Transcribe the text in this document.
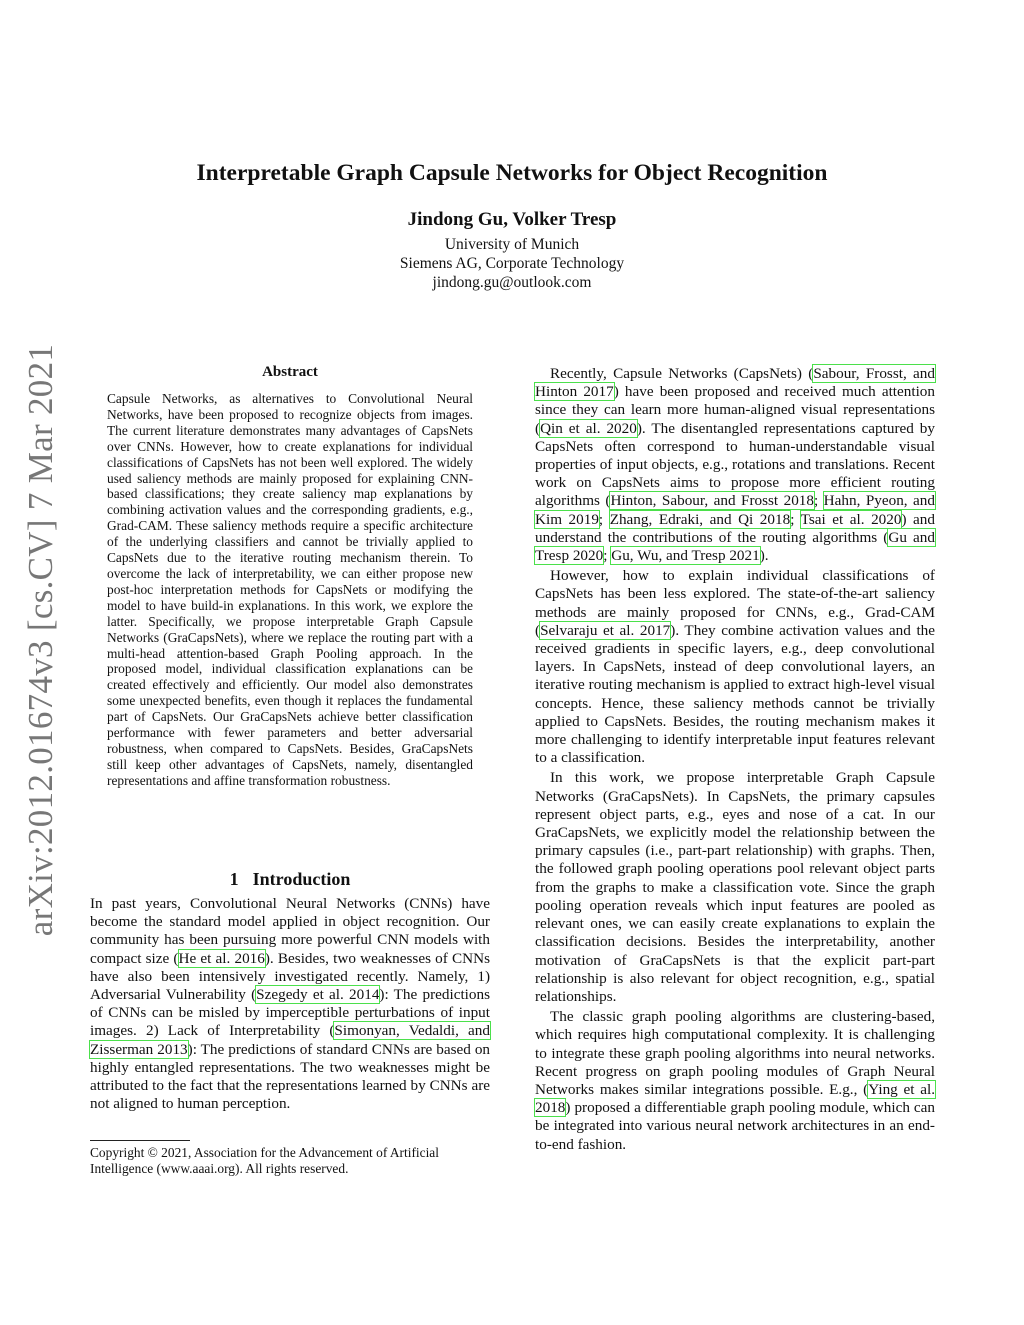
arXiv:2012.01674v3 [cs.CV] 7 Mar 2021
Interpretable Graph Capsule Networks for Object Recognition
Jindong Gu, Volker Tresp
University of Munich
Siemens AG, Corporate Technology
jindong.gu@outlook.com
Abstract
Capsule Networks, as alternatives to Convolutional Neural Networks, have been proposed to recognize objects from images. The current literature demonstrates many advantages of CapsNets over CNNs. However, how to create explanations for individual classifications of CapsNets has not been well explored. The widely used saliency methods are mainly proposed for explaining CNN-based classifications; they create saliency map explanations by combining activation values and the corresponding gradients, e.g., Grad-CAM. These saliency methods require a specific architecture of the underlying classifiers and cannot be trivially applied to CapsNets due to the iterative routing mechanism therein. To overcome the lack of interpretability, we can either propose new post-hoc interpretation methods for CapsNets or modifying the model to have build-in explanations. In this work, we explore the latter. Specifically, we propose interpretable Graph Capsule Networks (GraCapsNets), where we replace the routing part with a multi-head attention-based Graph Pooling approach. In the proposed model, individual classification explanations can be created effectively and efficiently. Our model also demonstrates some unexpected benefits, even though it replaces the fundamental part of CapsNets. Our GraCapsNets achieve better classification performance with fewer parameters and better adversarial robustness, when compared to CapsNets. Besides, GraCapsNets still keep other advantages of CapsNets, namely, disentangled representations and affine transformation robustness.
1 Introduction

In past years, Convolutional Neural Networks (CNNs) have become the standard model applied in object recognition. Our community has been pursuing more powerful CNN models with compact size (He et al. 2016). Besides, two weaknesses of CNNs have also been intensively investigated recently. Namely, 1) Adversarial Vulnerability (Szegedy et al. 2014): The predictions of CNNs can be misled by imperceptible perturbations of input images. 2) Lack of Interpretability (Simonyan, Vedaldi, and Zisserman 2013): The predictions of standard CNNs are based on highly entangled representations. The two weaknesses might be attributed to the fact that the representations learned by CNNs are not aligned to human perception.

Copyright © 2021, Association for the Advancement of Artificial Intelligence (www.aaai.org). All rights reserved.

Recently, Capsule Networks (CapsNets) (Sabour, Frosst, and Hinton 2017) have been proposed and received much attention since they can learn more human-aligned visual representations (Qin et al. 2020). The disentangled representations captured by CapsNets often correspond to human-understandable visual properties of input objects, e.g., rotations and translations. Recent work on CapsNets aims to propose more efficient routing algorithms (Hinton, Sabour, and Frosst 2018; Hahn, Pyeon, and Kim 2019; Zhang, Edraki, and Qi 2018; Tsai et al. 2020) and understand the contributions of the routing algorithms (Gu and Tresp 2020; Gu, Wu, and Tresp 2021).

However, how to explain individual classifications of CapsNets has been less explored. The state-of-the-art saliency methods are mainly proposed for CNNs, e.g., Grad-CAM (Selvaraju et al. 2017). They combine activation values and the received gradients in specific layers, e.g., deep convolutional layers. In CapsNets, instead of deep convolutional layers, an iterative routing mechanism is applied to extract high-level visual concepts. Hence, these saliency methods cannot be trivially applied to CapsNets. Besides, the routing mechanism makes it more challenging to identify interpretable input features relevant to a classification.

In this work, we propose interpretable Graph Capsule Networks (GraCapsNets). In CapsNets, the primary capsules represent object parts, e.g., eyes and nose of a cat. In our GraCapsNets, we explicitly model the relationship between the primary capsules (i.e., part-part relationship) with graphs. Then, the followed graph pooling operations pool relevant object parts from the graphs to make a classification vote. Since the graph pooling operation reveals which input features are pooled as relevant ones, we can easily create explanations to explain the classification decisions. Besides the interpretability, another motivation of GraCapsNets is that the explicit part-part relationship is also relevant for object recognition, e.g., spatial relationships.

The classic graph pooling algorithms are clustering-based, which requires high computational complexity. It is challenging to integrate these graph pooling algorithms into neural networks. Recent progress on graph pooling modules of Graph Neural Networks makes similar integrations possible. E.g., (Ying et al. 2018) proposed a differentiable graph pooling module, which can be integrated into various neural network architectures in an end-to-end fashion.
